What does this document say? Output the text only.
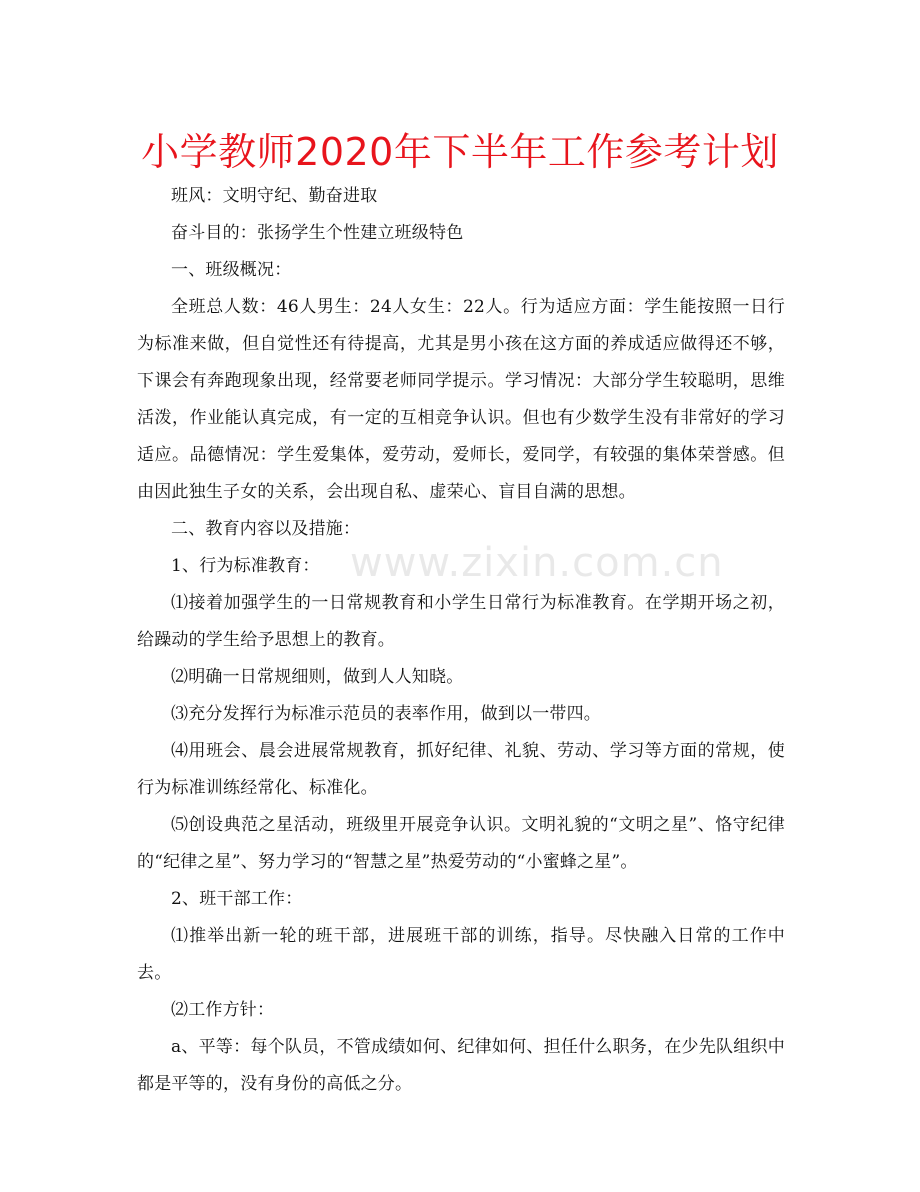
小学教师2020年下半年工作参考计划
www.zixin.com.cn

班风：文明守纪、勤奋进取

奋斗目的：张扬学生个性建立班级特色

一、班级概况：

全班总人数：46人男生：24人女生：22人。行为适应方面：学生能按照一日行为标准来做，但自觉性还有待提高，尤其是男小孩在这方面的养成适应做得还不够，下课会有奔跑现象出现，经常要老师同学提示。学习情况：大部分学生较聪明，思维活泼，作业能认真完成，有一定的互相竞争认识。但也有少数学生没有非常好的学习适应。品德情况：学生爱集体，爱劳动，爱师长，爱同学，有较强的集体荣誉感。但由因此独生子女的关系，会出现自私、虚荣心、盲目自满的思想。

二、教育内容以及措施：

1、行为标准教育：

⑴接着加强学生的一日常规教育和小学生日常行为标准教育。在学期开场之初，给躁动的学生给予思想上的教育。

⑵明确一日常规细则，做到人人知晓。

⑶充分发挥行为标准示范员的表率作用，做到以一带四。

⑷用班会、晨会进展常规教育，抓好纪律、礼貌、劳动、学习等方面的常规，使行为标准训练经常化、标准化。

⑸创设典范之星活动，班级里开展竞争认识。文明礼貌的“文明之星”、恪守纪律的“纪律之星”、努力学习的“智慧之星”热爱劳动的“小蜜蜂之星”。

2、班干部工作：

⑴推举出新一轮的班干部，进展班干部的训练，指导。尽快融入日常的工作中去。

⑵工作方针：

a、平等：每个队员，不管成绩如何、纪律如何、担任什么职务，在少先队组织中都是平等的，没有身份的高低之分。
